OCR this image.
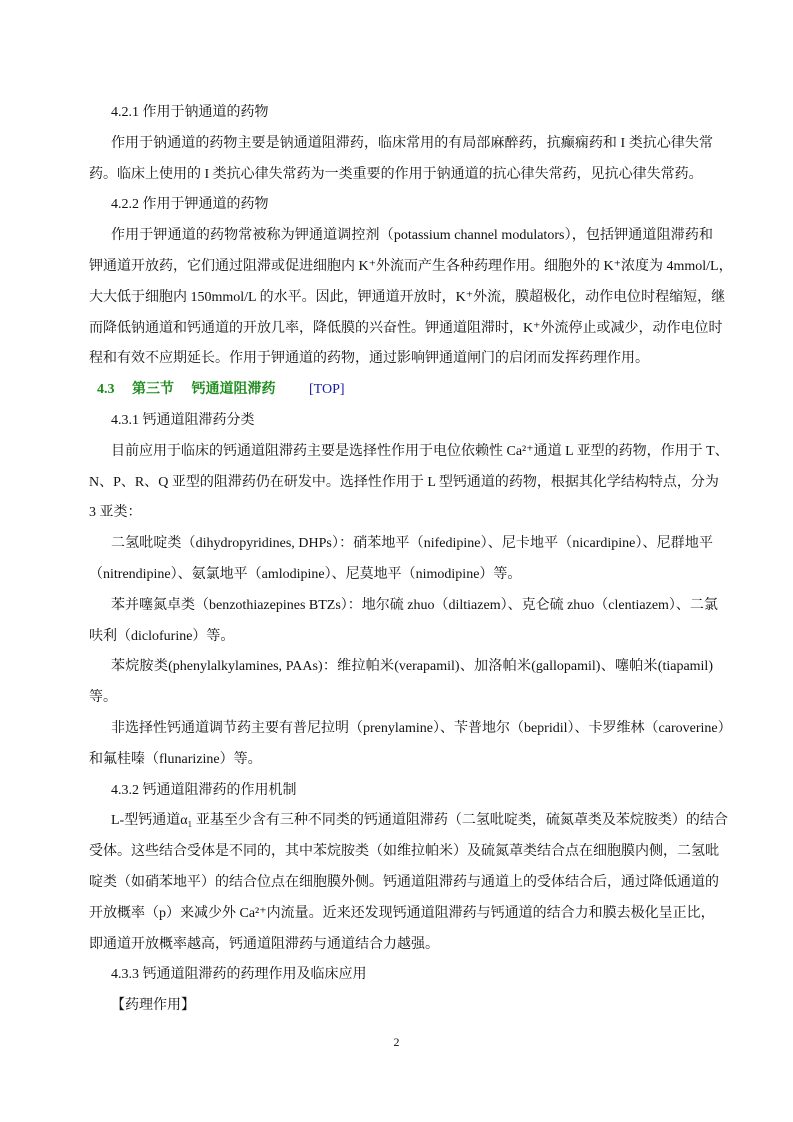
4.2.1 作用于钠通道的药物
作用于钠通道的药物主要是钠通道阻滞药，临床常用的有局部麻醉药，抗癫痫药和 I 类抗心律失常
药。临床上使用的 I 类抗心律失常药为一类重要的作用于钠通道的抗心律失常药，见抗心律失常药。
4.2.2 作用于钾通道的药物
作用于钾通道的药物常被称为钾通道调控剂（potassium channel modulators），包括钾通道阻滞药和
钾通道开放药，它们通过阻滞或促进细胞内 K⁺外流而产生各种药理作用。细胞外的 K⁺浓度为 4mmol/L，
大大低于细胞内 150mmol/L 的水平。因此，钾通道开放时，K⁺外流，膜超极化，动作电位时程缩短，继
而降低钠通道和钙通道的开放几率，降低膜的兴奋性。钾通道阻滞时，K⁺外流停止或减少，动作电位时
程和有效不应期延长。作用于钾通道的药物，通过影响钾通道闸门的启闭而发挥药理作用。
4.3 第三节 钙通道阻滞药 [TOP]
4.3.1 钙通道阻滞药分类
目前应用于临床的钙通道阻滞药主要是选择性作用于电位依赖性 Ca²⁺通道 L 亚型的药物，作用于 T、
N、P、R、Q 亚型的阻滞药仍在研发中。选择性作用于 L 型钙通道的药物，根据其化学结构特点，分为
3 亚类：
二氢吡啶类（dihydropyridines, DHPs）：硝苯地平（nifedipine）、尼卡地平（nicardipine）、尼群地平
（nitrendipine）、氨氯地平（amlodipine）、尼莫地平（nimodipine）等。
苯并噻氮卓类（benzothiazepines BTZs）：地尔硫 zhuo（diltiazem）、克仑硫 zhuo（clentiazem）、二氯
呋利（diclofurine）等。
苯烷胺类(phenylalkylamines, PAAs)：维拉帕米(verapamil)、加洛帕米(gallopamil)、噻帕米(tiapamil)
等。
非选择性钙通道调节药主要有普尼拉明（prenylamine）、苄普地尔（bepridil）、卡罗维林（caroverine）
和氟桂嗪（flunarizine）等。
4.3.2 钙通道阻滞药的作用机制
L-型钙通道α₁ 亚基至少含有三种不同类的钙通道阻滞药（二氢吡啶类，硫氮䓬类及苯烷胺类）的结合
受体。这些结合受体是不同的，其中苯烷胺类（如维拉帕米）及硫氮䓬类结合点在细胞膜内侧，二氢吡
啶类（如硝苯地平）的结合位点在细胞膜外侧。钙通道阻滞药与通道上的受体结合后，通过降低通道的
开放概率（p）来减少外 Ca²⁺内流量。近来还发现钙通道阻滞药与钙通道的结合力和膜去极化呈正比，
即通道开放概率越高，钙通道阻滞药与通道结合力越强。
4.3.3 钙通道阻滞药的药理作用及临床应用
【药理作用】
2
